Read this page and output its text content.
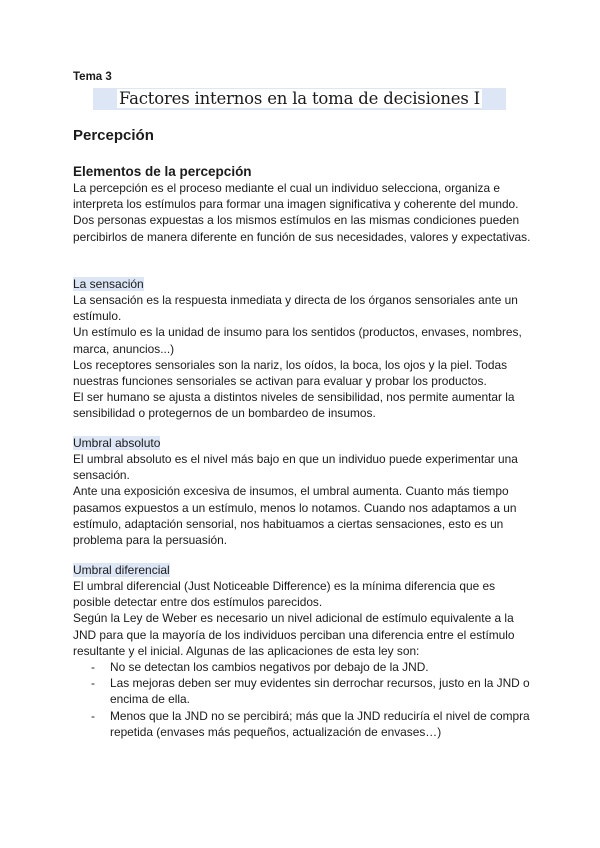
Tema 3
Factores internos en la toma de decisiones I
Percepción
Elementos de la percepción

La percepción es el proceso mediante el cual un individuo selecciona, organiza e interpreta los estímulos para formar una imagen significativa y coherente del mundo.

Dos personas expuestas a los mismos estímulos en las mismas condiciones pueden percibirlos de manera diferente en función de sus necesidades, valores y expectativas.

La sensación

La sensación es la respuesta inmediata y directa de los órganos sensoriales ante un estímulo.

Un estímulo es la unidad de insumo para los sentidos (productos, envases, nombres, marca, anuncios...)

Los receptores sensoriales son la nariz, los oídos, la boca, los ojos y la piel. Todas nuestras funciones sensoriales se activan para evaluar y probar los productos.

El ser humano se ajusta a distintos niveles de sensibilidad, nos permite aumentar la sensibilidad o protegernos de un bombardeo de insumos.

Umbral absoluto

El umbral absoluto es el nivel más bajo en que un individuo puede experimentar una sensación.

Ante una exposición excesiva de insumos, el umbral aumenta. Cuanto más tiempo pasamos expuestos a un estímulo, menos lo notamos. Cuando nos adaptamos a un estímulo, adaptación sensorial, nos habituamos a ciertas sensaciones, esto es un problema para la persuasión.

Umbral diferencial

El umbral diferencial (Just Noticeable Difference) es la mínima diferencia que es posible detectar entre dos estímulos parecidos.

Según la Ley de Weber es necesario un nivel adicional de estímulo equivalente a la JND para que la mayoría de los individuos perciban una diferencia entre el estímulo resultante y el inicial. Algunas de las aplicaciones de esta ley son:

- No se detectan los cambios negativos por debajo de la JND.
- Las mejoras deben ser muy evidentes sin derrochar recursos, justo en la JND o encima de ella.
- Menos que la JND no se percibirá; más que la JND reduciría el nivel de compra repetida (envases más pequeños, actualización de envases…)
